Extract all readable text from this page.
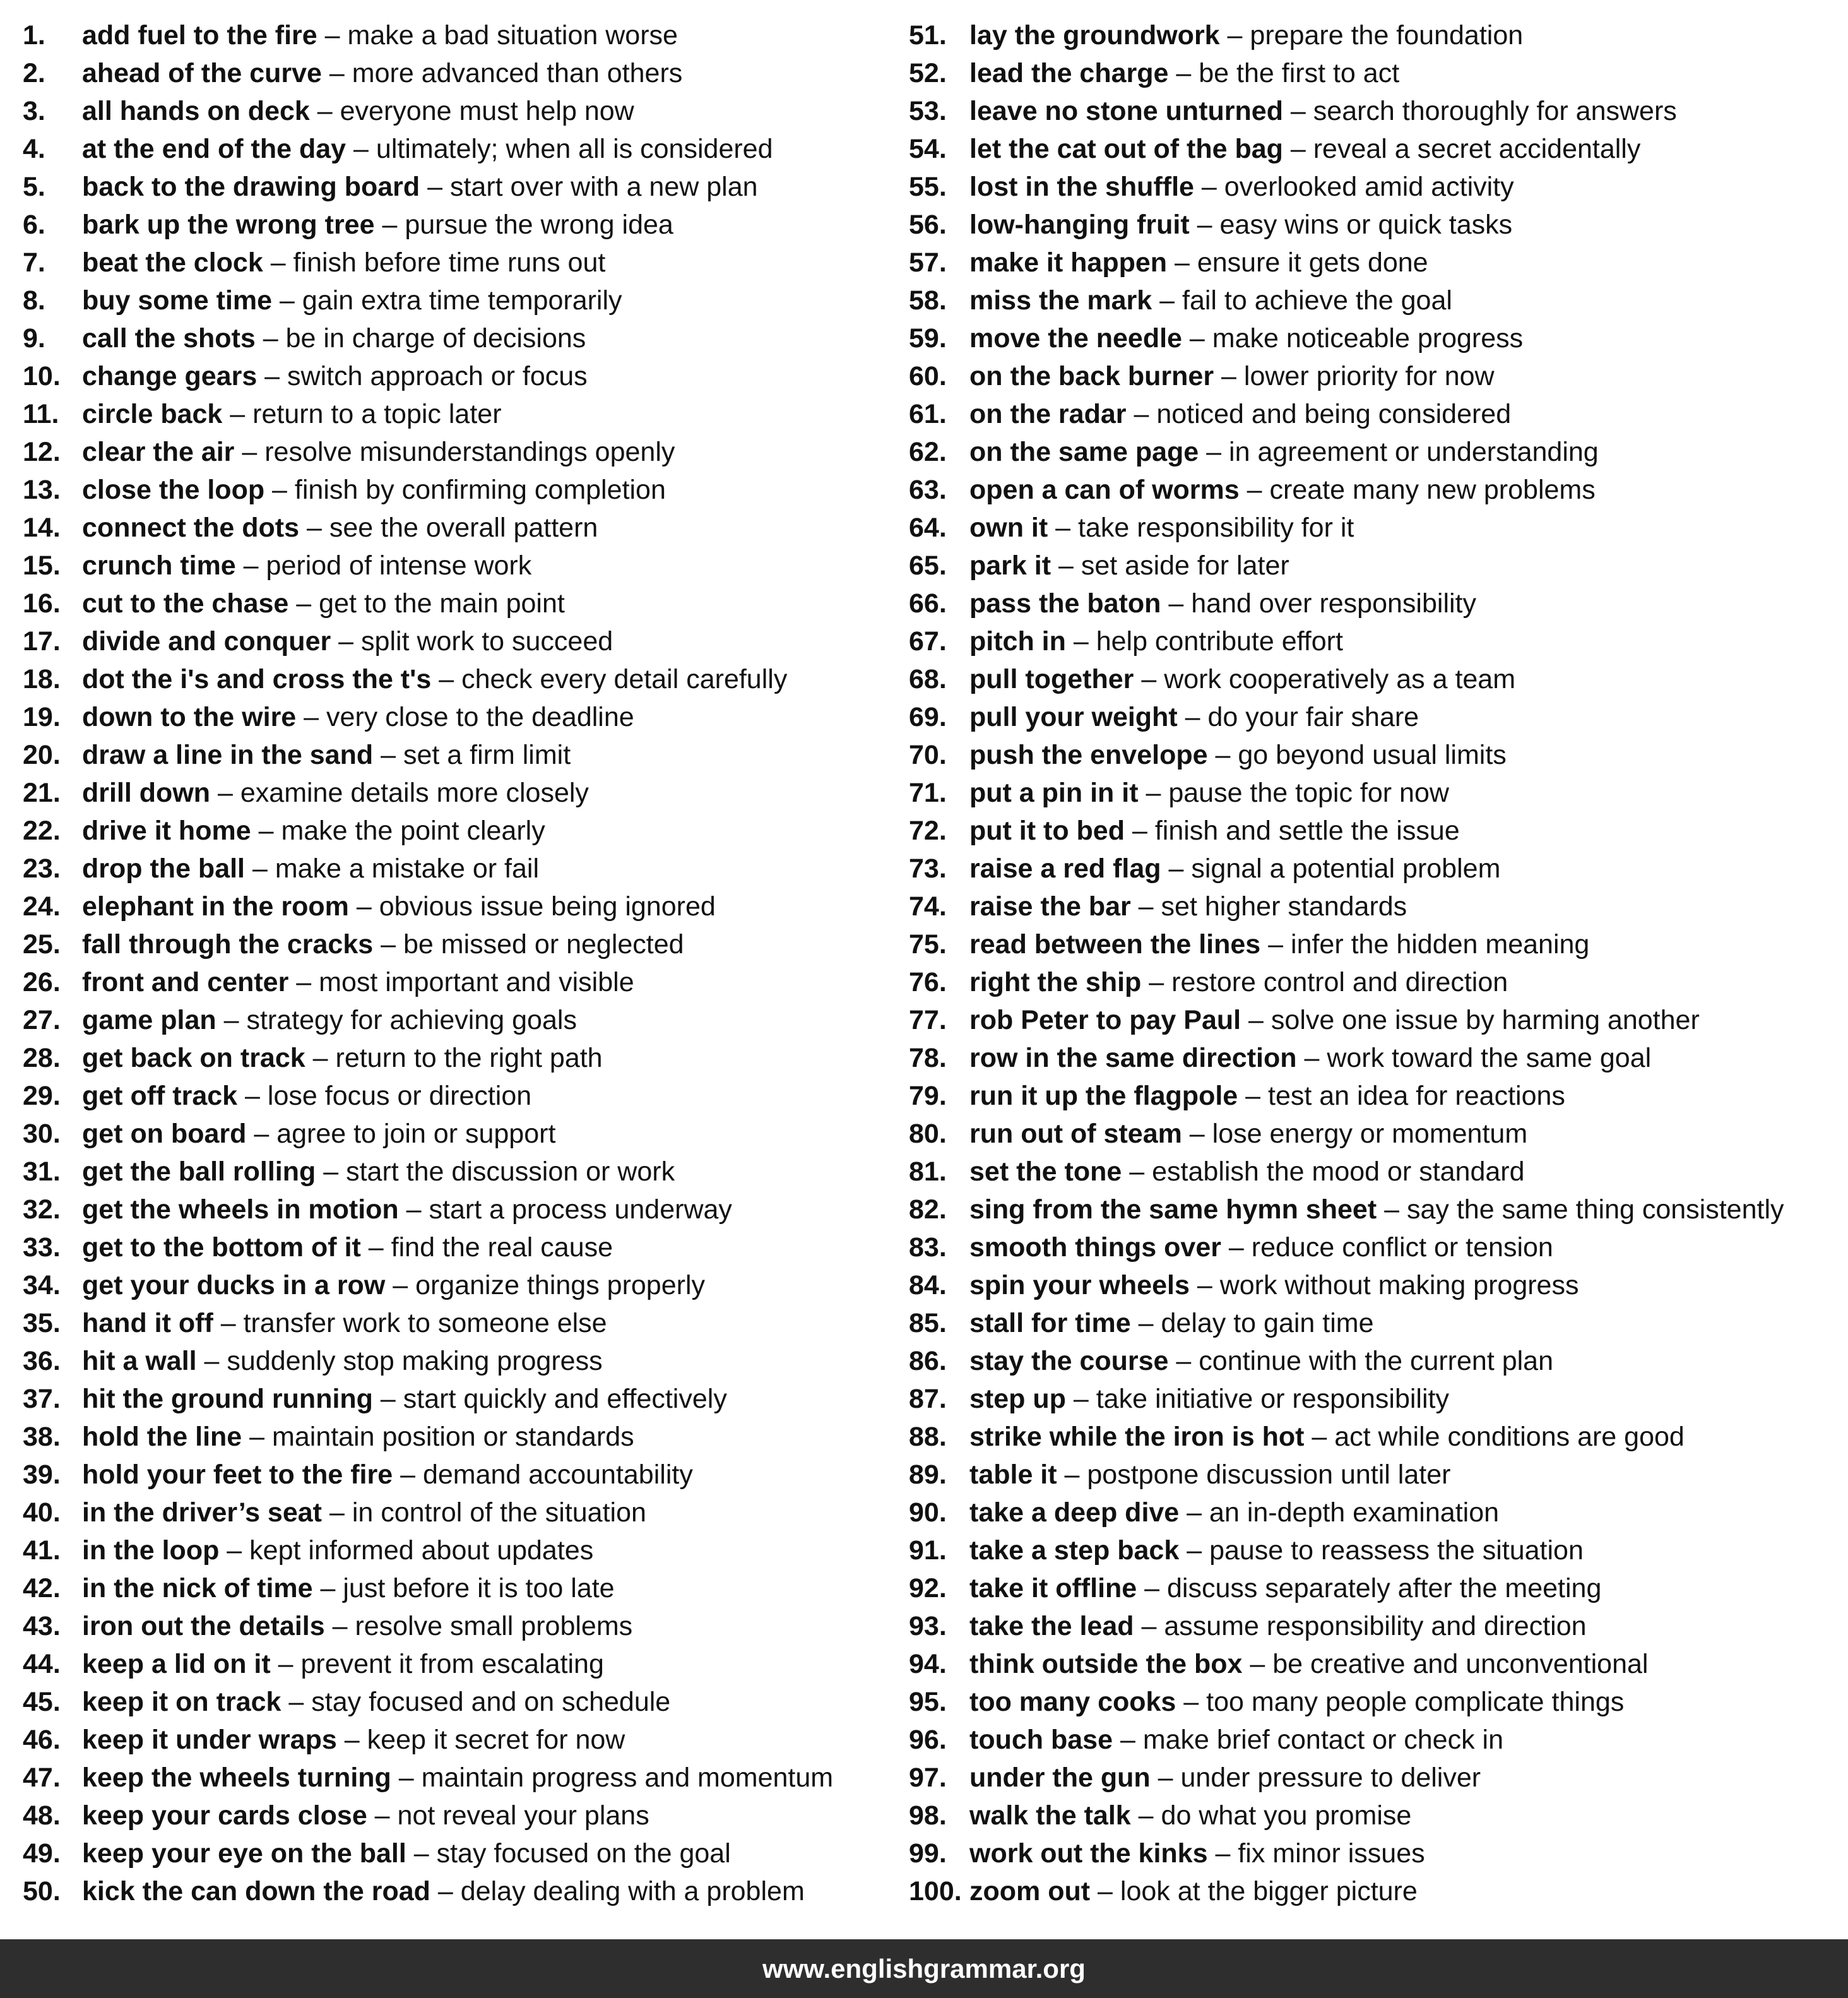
1. add fuel to the fire – make a bad situation worse
2. ahead of the curve – more advanced than others
3. all hands on deck – everyone must help now
4. at the end of the day – ultimately; when all is considered
5. back to the drawing board – start over with a new plan
6. bark up the wrong tree – pursue the wrong idea
7. beat the clock – finish before time runs out
8. buy some time – gain extra time temporarily
9. call the shots – be in charge of decisions
10. change gears – switch approach or focus
11. circle back – return to a topic later
12. clear the air – resolve misunderstandings openly
13. close the loop – finish by confirming completion
14. connect the dots – see the overall pattern
15. crunch time – period of intense work
16. cut to the chase – get to the main point
17. divide and conquer – split work to succeed
18. dot the i's and cross the t's – check every detail carefully
19. down to the wire – very close to the deadline
20. draw a line in the sand – set a firm limit
21. drill down – examine details more closely
22. drive it home – make the point clearly
23. drop the ball – make a mistake or fail
24. elephant in the room – obvious issue being ignored
25. fall through the cracks – be missed or neglected
26. front and center – most important and visible
27. game plan – strategy for achieving goals
28. get back on track – return to the right path
29. get off track – lose focus or direction
30. get on board – agree to join or support
31. get the ball rolling – start the discussion or work
32. get the wheels in motion – start a process underway
33. get to the bottom of it – find the real cause
34. get your ducks in a row – organize things properly
35. hand it off – transfer work to someone else
36. hit a wall – suddenly stop making progress
37. hit the ground running – start quickly and effectively
38. hold the line – maintain position or standards
39. hold your feet to the fire – demand accountability
40. in the driver’s seat – in control of the situation
41. in the loop – kept informed about updates
42. in the nick of time – just before it is too late
43. iron out the details – resolve small problems
44. keep a lid on it – prevent it from escalating
45. keep it on track – stay focused and on schedule
46. keep it under wraps – keep it secret for now
47. keep the wheels turning – maintain progress and momentum
48. keep your cards close – not reveal your plans
49. keep your eye on the ball – stay focused on the goal
50. kick the can down the road – delay dealing with a problem
51. lay the groundwork – prepare the foundation
52. lead the charge – be the first to act
53. leave no stone unturned – search thoroughly for answers
54. let the cat out of the bag – reveal a secret accidentally
55. lost in the shuffle – overlooked amid activity
56. low-hanging fruit – easy wins or quick tasks
57. make it happen – ensure it gets done
58. miss the mark – fail to achieve the goal
59. move the needle – make noticeable progress
60. on the back burner – lower priority for now
61. on the radar – noticed and being considered
62. on the same page – in agreement or understanding
63. open a can of worms – create many new problems
64. own it – take responsibility for it
65. park it – set aside for later
66. pass the baton – hand over responsibility
67. pitch in – help contribute effort
68. pull together – work cooperatively as a team
69. pull your weight – do your fair share
70. push the envelope – go beyond usual limits
71. put a pin in it – pause the topic for now
72. put it to bed – finish and settle the issue
73. raise a red flag – signal a potential problem
74. raise the bar – set higher standards
75. read between the lines – infer the hidden meaning
76. right the ship – restore control and direction
77. rob Peter to pay Paul – solve one issue by harming another
78. row in the same direction – work toward the same goal
79. run it up the flagpole – test an idea for reactions
80. run out of steam – lose energy or momentum
81. set the tone – establish the mood or standard
82. sing from the same hymn sheet – say the same thing consistently
83. smooth things over – reduce conflict or tension
84. spin your wheels – work without making progress
85. stall for time – delay to gain time
86. stay the course – continue with the current plan
87. step up – take initiative or responsibility
88. strike while the iron is hot – act while conditions are good
89. table it – postpone discussion until later
90. take a deep dive – an in-depth examination
91. take a step back – pause to reassess the situation
92. take it offline – discuss separately after the meeting
93. take the lead – assume responsibility and direction
94. think outside the box – be creative and unconventional
95. too many cooks – too many people complicate things
96. touch base – make brief contact or check in
97. under the gun – under pressure to deliver
98. walk the talk – do what you promise
99. work out the kinks – fix minor issues
100. zoom out – look at the bigger picture
www.englishgrammar.org
